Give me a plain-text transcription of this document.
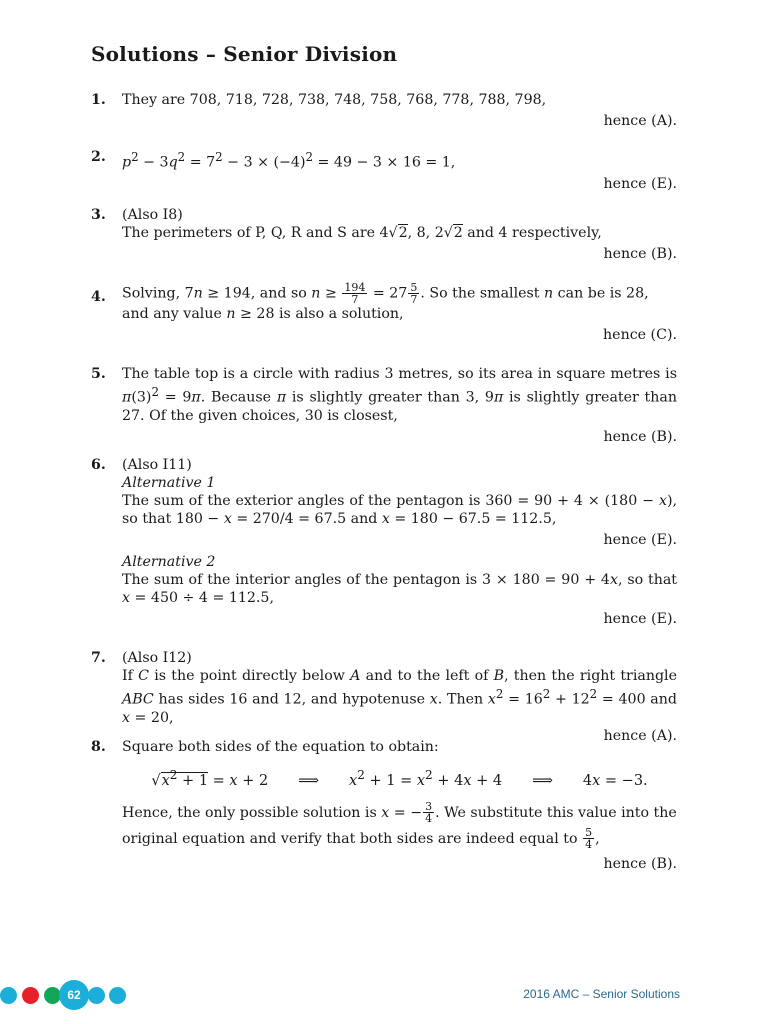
Solutions – Senior Division
1. They are 708, 718, 728, 738, 748, 758, 768, 778, 788, 798,
hence (A).
2. $p^2 - 3q^2 = 7^2 - 3 \times (-4)^2 = 49 - 3 \times 16 = 1$,
hence (E).
3. (Also I8)
The perimeters of P, Q, R and S are 4√2, 8, 2√2 and 4 respectively,
hence (B).
4. Solving, 7n ≥ 194, and so $n \ge \frac{194}{7} = 27 \frac{5}{7}$ . So the smallest n can be is 28, and any value n ≥ 28 is also a solution,
hence (C).
5. The table top is a circle with radius 3 metres, so its area in square metres is $\pi(3)^2 = 9\pi$. Because π is slightly greater than 3, 9π is slightly greater than 27. Of the given choices, 30 is closest,
hence (B).
6. (Also I11)
Alternative 1
The sum of the exterior angles of the pentagon is 360 = 90 + 4 × (180 − x), so that 180 − x = 270/4 = 67.5 and x = 180 − 67.5 = 112.5,
hence (E).
Alternative 2
The sum of the interior angles of the pentagon is 3 × 180 = 90 + 4x, so that x = 450 ÷ 4 = 112.5,
hence (E).
7. (Also I12)
If C is the point directly below A and to the left of B, then the right triangle ABC has sides 16 and 12, and hypotenuse x. Then $x^2 = 16^2 + 12^2 = 400$ and x = 20,
hence (A).
8. Square both sides of the equation to obtain:
$√x^2 + 1 = x + 2$ ⟹ $x^2 + 1 = x^2 + 4x + 4$ ⟹ 4x = −3.
Hence, the only possible solution is x = − $\frac{3}{4}$ . We substitute this value into the original equation and verify that both sides are indeed equal to $\frac{5}{4}$ ,
hence (B).
62	2016 AMC – Senior Solutions
